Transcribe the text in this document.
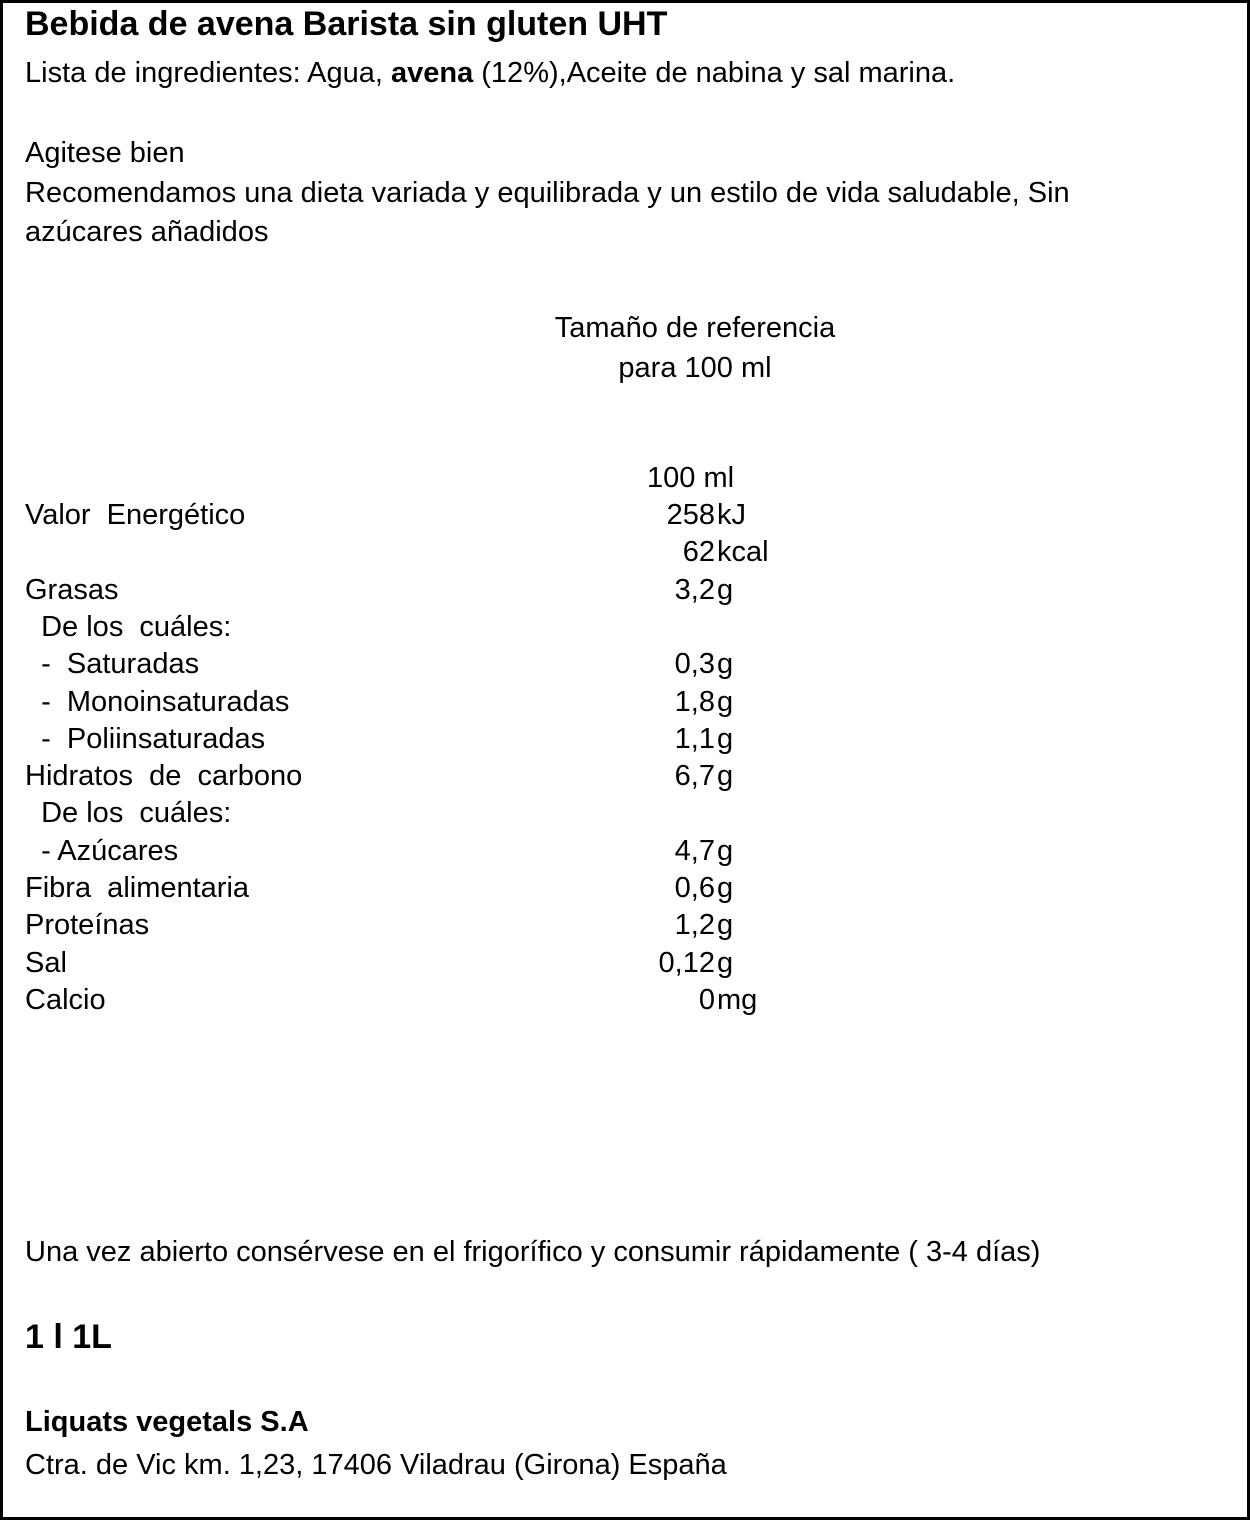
Bebida de avena Barista sin gluten UHT
Lista de ingredientes: Agua, avena (12%),Aceite de nabina y sal marina.
Agitese bien
Recomendamos una dieta variada y equilibrada y un estilo de vida saludable, Sin
azúcares añadidos
Tamaño de referencia
para 100 ml
100 ml
Valor  Energético	258 kJ
62 kcal
Grasas	3,2 g
De los  cuáles:
-  Saturadas	0,3 g
-  Monoinsaturadas	1,8 g
-  Poliinsaturadas	1,1 g
Hidratos  de  carbono	6,7 g
De los  cuáles:
- Azúcares	4,7 g
Fibra  alimentaria	0,6 g
Proteínas	1,2 g
Sal	0,12 g
Calcio	0 mg
Una vez abierto consérvese en el frigorífico y consumir rápidamente ( 3-4 días)
1 l 1L
Liquats vegetals S.A
Ctra. de Vic km. 1,23, 17406 Viladrau (Girona) España
